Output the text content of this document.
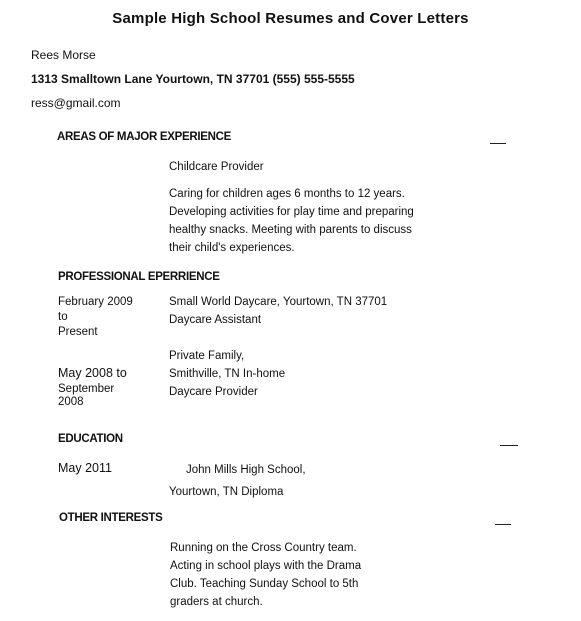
Sample High School Resumes and Cover Letters
Rees Morse
1313 Smalltown Lane Yourtown, TN 37701 (555) 555-5555
ress@gmail.com
AREAS OF MAJOR EXPERIENCE
Childcare Provider
Caring for children ages 6 months to 12 years.
Developing activities for play time and preparing
healthy snacks. Meeting with parents to discuss
their child's experiences.
PROFESSIONAL EPERRIENCE
February 2009
to
Present
Small World Daycare, Yourtown, TN 37701
Daycare Assistant
May 2008 to
September
2008
Private Family,
Smithville, TN In-home
Daycare Provider
EDUCATION
May 2011	John Mills High School,
Yourtown, TN Diploma
OTHER INTERESTS
Running on the Cross Country team.
Acting in school plays with the Drama
Club. Teaching Sunday School to 5th
graders at church.
